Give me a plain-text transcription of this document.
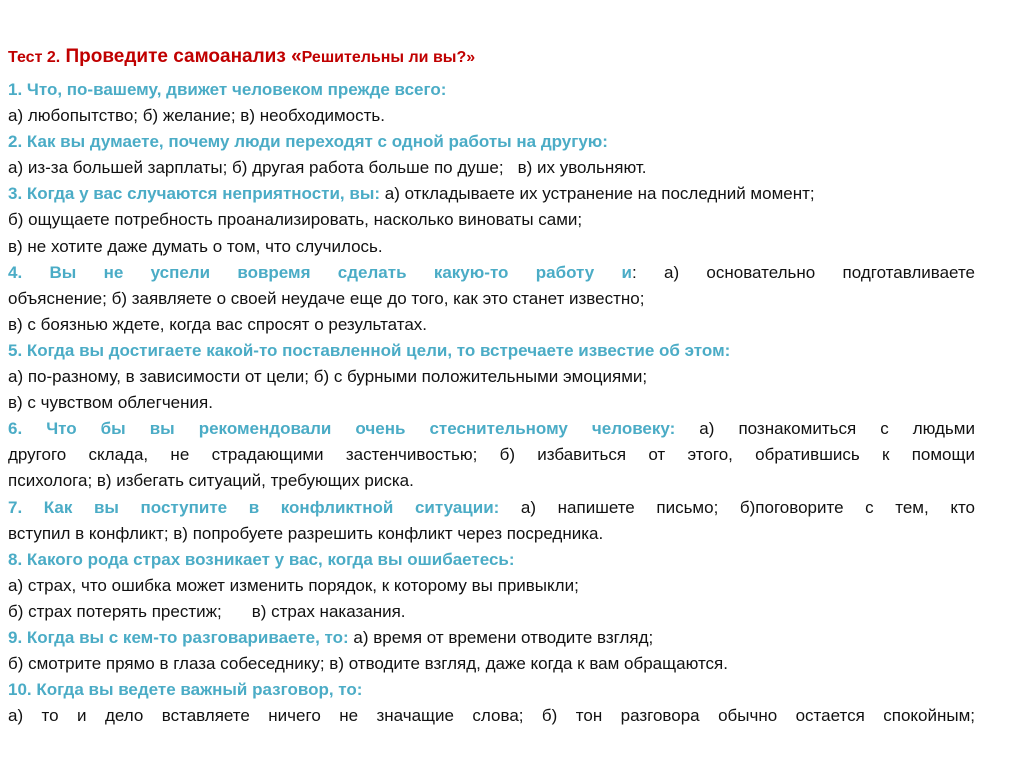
Тест 2. Проведите самоанализ «Решительны ли вы?»
1. Что, по-вашему, движет человеком прежде всего:
а) любопытство; б) желание; в) необходимость.
2. Как вы думаете, почему люди переходят с одной работы на другую:
а) из-за большей зарплаты; б) другая работа больше по душе; в) их увольняют.
3. Когда у вас случаются неприятности, вы: а) откладываете их устранение на последний момент;
б) ощущаете потребность проанализировать, насколько виноваты сами;
в) не хотите даже думать о том, что случилось.
4. Вы не успели вовремя сделать какую-то работу и: а) основательно подготавливаете
объяснение; б) заявляете о своей неудаче еще до того, как это станет известно;
в) с боязнью ждете, когда вас спросят о результатах.
5. Когда вы достигаете какой-то поставленной цели, то встречаете известие об этом:
а) по-разному, в зависимости от цели; б) с бурными положительными эмоциями;
в) с чувством облегчения.
6. Что бы вы рекомендовали очень стеснительному человеку: а) познакомиться с людьми
другого склада, не страдающими застенчивостью; б) избавиться от этого, обратившись к помощи
психолога; в) избегать ситуаций, требующих риска.
7. Как вы поступите в конфликтной ситуации: а) напишете письмо; б)поговорите с тем, кто
вступил в конфликт; в) попробуете разрешить конфликт через посредника.
8. Какого рода страх возникает у вас, когда вы ошибаетесь:
а) страх, что ошибка может изменить порядок, к которому вы привыкли;
б) страх потерять престиж; в) страх наказания.
9. Когда вы с кем-то разговариваете, то: а) время от времени отводите взгляд;
б) смотрите прямо в глаза собеседнику; в) отводите взгляд, даже когда к вам обращаются.
10. Когда вы ведете важный разговор, то:
а) то и дело вставляете ничего не значащие слова; б) тон разговора обычно остается спокойным;
